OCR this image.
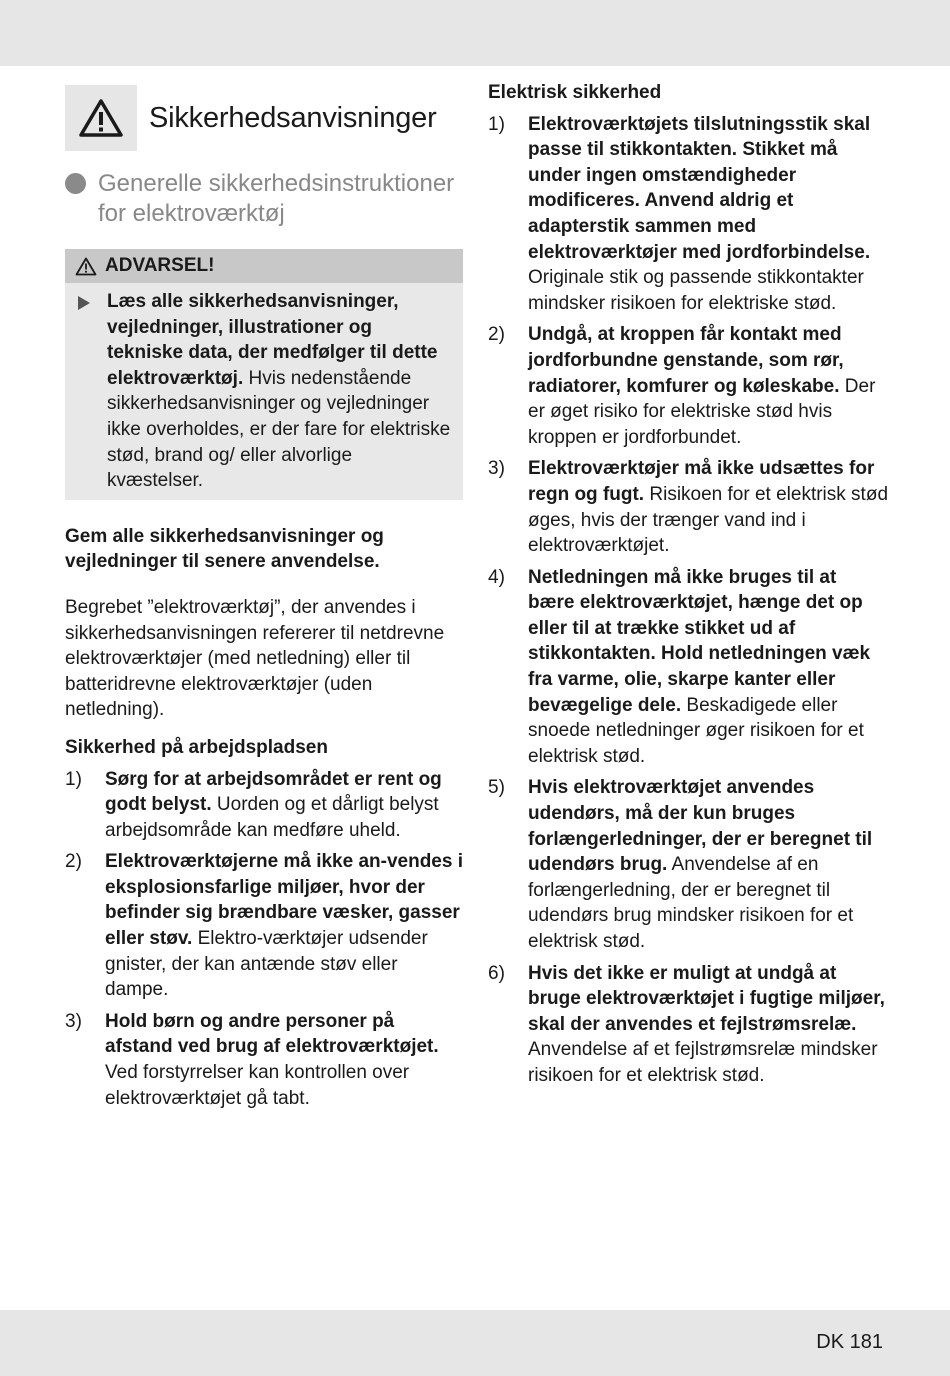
Sikkerhedsanvisninger
Generelle sikkerhedsinstruktioner for elektroværktøj
ADVARSEL!
Læs alle sikkerhedsanvisninger, vejledninger, illustrationer og tekniske data, der medfølger til dette elektroværktøj. Hvis nedenstående sikkerhedsanvisninger og vejledninger ikke overholdes, er der fare for elektriske stød, brand og/ eller alvorlige kvæstelser.

Gem alle sikkerhedsanvisninger og vejledninger til senere anvendelse.

Begrebet ”elektroværktøj”, der anvendes i sikkerhedsanvisningen refererer til netdrevne elektroværktøjer (med netledning) eller til batteridrevne elektroværktøjer (uden netledning).

Sikkerhed på arbejdspladsen
1)	Sørg for at arbejdsområdet er rent og godt belyst. Uorden og et dårligt belyst arbejdsområde kan medføre uheld.
2)	Elektroværktøjerne må ikke an-vendes i eksplosionsfarlige miljøer, hvor der befinder sig brændbare væsker, gasser eller støv. Elektro-værktøjer udsender gnister, der kan antænde støv eller dampe.
3)	Hold børn og andre personer på afstand ved brug af elektroværktøjet. Ved forstyrrelser kan kontrollen over elektroværktøjet gå tabt.
Elektrisk sikkerhed
1)	Elektroværktøjets tilslutningsstik skal passe til stikkontakten. Stikket må under ingen omstændigheder modificeres. Anvend aldrig et adapterstik sammen med elektroværktøjer med jordforbindelse. Originale stik og passende stikkontakter mindsker risikoen for elektriske stød.
2)	Undgå, at kroppen får kontakt med jordforbundne genstande, som rør, radiatorer, komfurer og køleskabe. Der er øget risiko for elektriske stød hvis kroppen er jordforbundet.
3)	Elektroværktøjer må ikke udsættes for regn og fugt. Risikoen for et elektrisk stød øges, hvis der trænger vand ind i elektroværktøjet.
4)	Netledningen må ikke bruges til at bære elektroværktøjet, hænge det op eller til at trække stikket ud af stikkontakten. Hold netledningen væk fra varme, olie, skarpe kanter eller bevægelige dele. Beskadigede eller snoede netledninger øger risikoen for et elektrisk stød.
5)	Hvis elektroværktøjet anvendes udendørs, må der kun bruges forlængerledninger, der er beregnet til udendørs brug. Anvendelse af en forlængerledning, der er beregnet til udendørs brug mindsker risikoen for et elektrisk stød.
6)	Hvis det ikke er muligt at undgå at bruge elektroværktøjet i fugtige miljøer, skal der anvendes et fejlstrømsrelæ. Anvendelse af et fejlstrømsrelæ mindsker risikoen for et elektrisk stød.
DK 181
